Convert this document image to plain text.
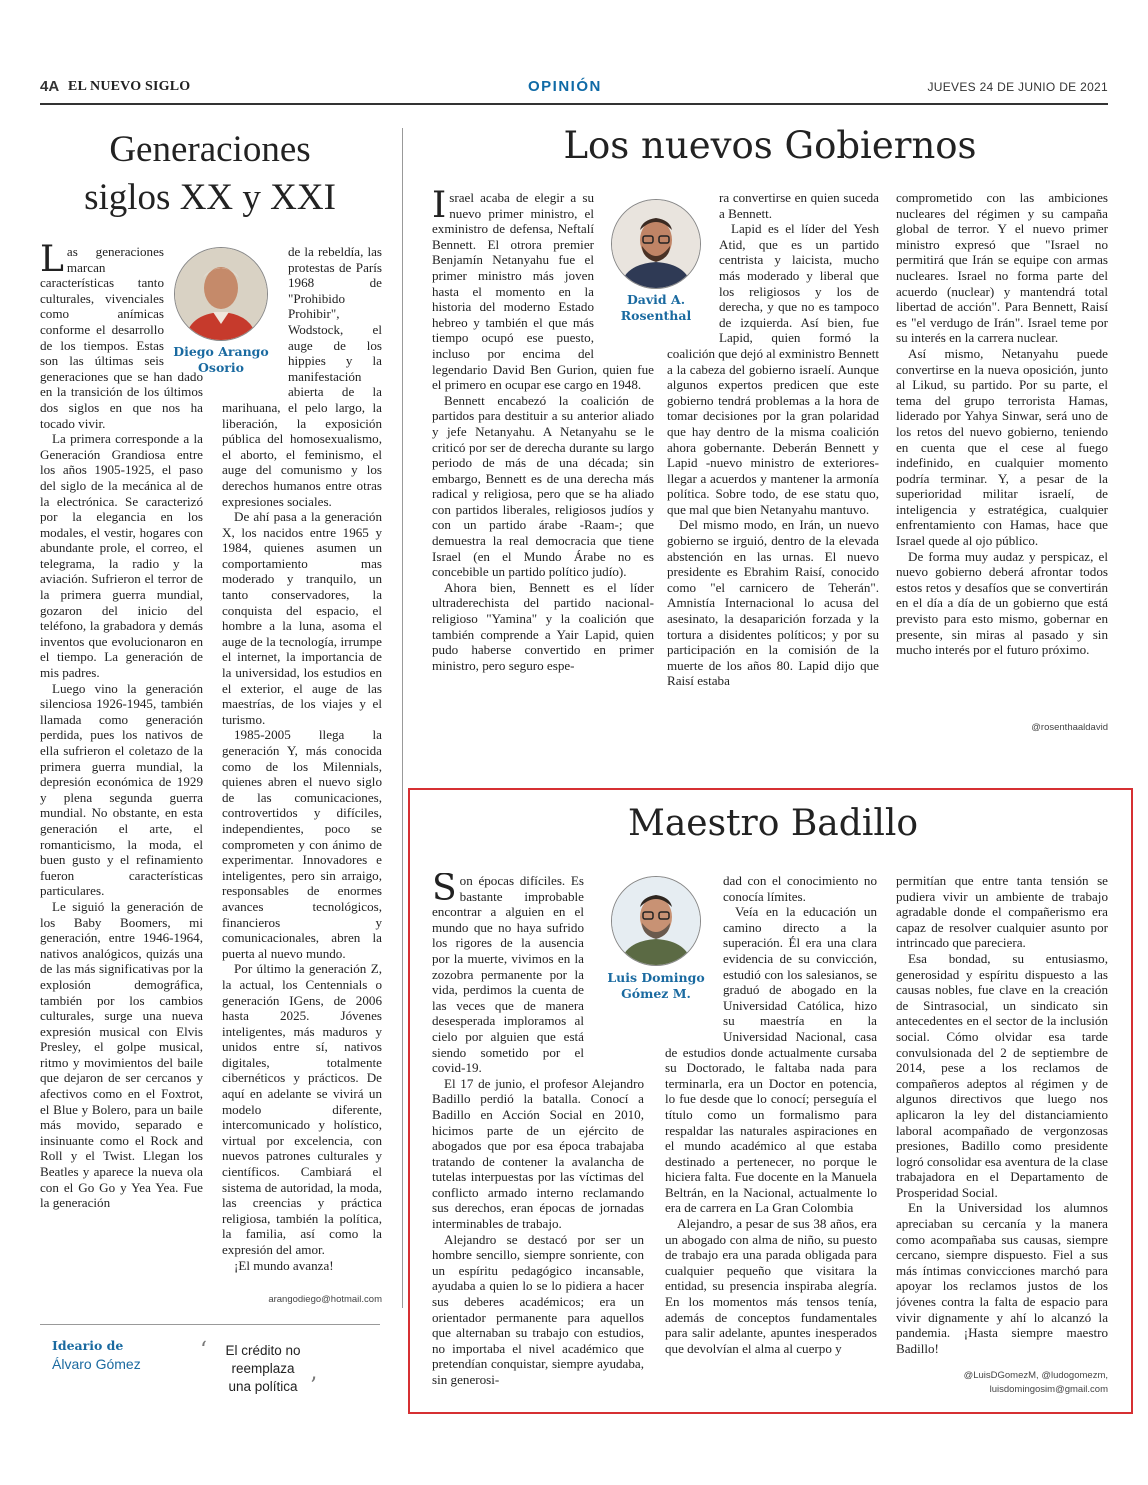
4A EL NUEVO SIGLO	OPINIÓN	JUEVES 24 DE JUNIO DE 2021
Generaciones
siglos XX y XXI
Diego Arango
Osorio

Las generaciones marcan características tanto culturales, vivenciales como anímicas conforme el desarrollo de los tiempos. Estas son las últimas seis generaciones que se han dado en la transición de los últimos dos siglos en que nos ha tocado vivir.

La primera corresponde a la Generación Grandiosa entre los años 1905-1925, el paso del siglo de la mecánica al de la electrónica. Se caracterizó por la elegancia en los modales, el vestir, hogares con abundante prole, el correo, el telegrama, la radio y la aviación. Sufrieron el terror de la primera guerra mundial, gozaron del inicio del teléfono, la grabadora y demás inventos que evolucionaron en el tiempo. La generación de mis padres.

Luego vino la generación silenciosa 1926-1945, también llamada como generación perdida, pues los nativos de ella sufrieron el coletazo de la primera guerra mundial, la depresión económica de 1929 y plena segunda guerra mundial. No obstante, en esta generación el arte, el romanticismo, la moda, el buen gusto y el refinamiento fueron características particulares.

Le siguió la generación de los Baby Boomers, mi generación, entre 1946-1964, nativos analógicos, quizás una de las más significativas por la explosión demográfica, también por los cambios culturales, surge una nueva expresión musical con Elvis Presley, el golpe musical, ritmo y movimientos del baile que dejaron de ser cercanos y afectivos como en el Foxtrot, el Blue y Bolero, para un baile más movido, separado e insinuante como el Rock and Roll y el Twist. Llegan los Beatles y aparece la nueva ola con el Go Go y Yea Yea. Fue la generación

de la rebeldía, las protestas de París 1968 de "Prohibido Prohibir", Wodstock, el auge de los hippies y la manifestación abierta de la marihuana, el pelo largo, la liberación, la exposición pública del homosexualismo, el aborto, el feminismo, el auge del comunismo y los derechos humanos entre otras expresiones sociales.

De ahí pasa a la generación X, los nacidos entre 1965 y 1984, quienes asumen un comportamiento mas moderado y tranquilo, un tanto conservadores, la conquista del espacio, el hombre a la luna, asoma el auge de la tecnología, irrumpe el internet, la importancia de la universidad, los estudios en el exterior, el auge de las maestrías, de los viajes y el turismo.

1985-2005 llega la generación Y, más conocida como de los Milennials, quienes abren el nuevo siglo de las comunicaciones, controvertidos y difíciles, independientes, poco se comprometen y con ánimo de experimentar. Innovadores e inteligentes, pero sin arraigo, responsables de enormes avances tecnológicos, financieros y comunicacionales, abren la puerta al nuevo mundo.

Por último la generación Z, la actual, los Centennials o generación IGens, de 2006 hasta 2025. Jóvenes inteligentes, más maduros y unidos entre sí, nativos digitales, totalmente cibernéticos y prácticos. De aquí en adelante se vivirá un modelo diferente, intercomunicado y holístico, virtual por excelencia, con nuevos patrones culturales y científicos. Cambiará el sistema de autoridad, la moda, las creencias y práctica religiosa, también la política, la familia, así como la expresión del amor.

¡El mundo avanza!

arangodiego@hotmail.com
Ideario de
Álvaro Gómez
‘ El crédito no reemplaza una política ’
Los nuevos Gobiernos
David A.
Rosenthal

Israel acaba de elegir a su nuevo primer ministro, el exministro de defensa, Neftalí Bennett. El otrora premier Benjamín Netanyahu fue el primer ministro más joven hasta el momento en la historia del moderno Estado hebreo y también el que más tiempo ocupó ese puesto, incluso por encima del legendario David Ben Gurion, quien fue el primero en ocupar ese cargo en 1948.

Bennett encabezó la coalición de partidos para destituir a su anterior aliado y jefe Netanyahu. A Netanyahu se le criticó por ser de derecha durante su largo periodo de más de una década; sin embargo, Bennett es de una derecha más radical y religiosa, pero que se ha aliado con partidos liberales, religiosos judíos y con un partido árabe -Raam-; que demuestra la real democracia que tiene Israel (en el Mundo Árabe no es concebible un partido político judío).

Ahora bien, Bennett es el líder ultraderechista del partido nacional-religioso "Yamina" y la coalición que también comprende a Yair Lapid, quien pudo haberse convertido en primer ministro, pero seguro espe-

ra convertirse en quien suceda a Bennett.

Lapid es el líder del Yesh Atid, que es un partido centrista y laicista, mucho más moderado y liberal que los religiosos y los de derecha, y que no es tampoco de izquierda. Así bien, fue Lapid, quien formó la coalición que dejó al exministro Bennett a la cabeza del gobierno israelí. Aunque algunos expertos predicen que este gobierno tendrá problemas a la hora de tomar decisiones por la gran polaridad que hay dentro de la misma coalición ahora gobernante. Deberán Bennett y Lapid -nuevo ministro de exteriores- llegar a acuerdos y mantener la armonía política. Sobre todo, de ese statu quo, que mal que bien Netanyahu mantuvo.

Del mismo modo, en Irán, un nuevo gobierno se irguió, dentro de la elevada abstención en las urnas. El nuevo presidente es Ebrahim Raisí, conocido como "el carnicero de Teherán". Amnistía Internacional lo acusa del asesinato, la desaparición forzada y la tortura a disidentes políticos; y por su participación en la comisión de la muerte de los años 80. Lapid dijo que Raisí estaba

comprometido con las ambiciones nucleares del régimen y su campaña global de terror. Y el nuevo primer ministro expresó que "Israel no permitirá que Irán se equipe con armas nucleares. Israel no forma parte del acuerdo (nuclear) y mantendrá total libertad de acción". Para Bennett, Raisí es "el verdugo de Irán". Israel teme por su interés en la carrera nuclear.

Así mismo, Netanyahu puede convertirse en la nueva oposición, junto al Likud, su partido. Por su parte, el tema del grupo terrorista Hamas, liderado por Yahya Sinwar, será uno de los retos del nuevo gobierno, teniendo en cuenta que el cese al fuego indefinido, en cualquier momento podría terminar. Y, a pesar de la superioridad militar israelí, de inteligencia y estratégica, cualquier enfrentamiento con Hamas, hace que Israel quede al ojo público.

De forma muy audaz y perspicaz, el nuevo gobierno deberá afrontar todos estos retos y desafíos que se convertirán en el día a día de un gobierno que está previsto para esto mismo, gobernar en presente, sin miras al pasado y sin mucho interés por el futuro próximo.

@rosenthaaldavid
Maestro Badillo
Luis Domingo
Gómez M.

Son épocas difíciles. Es bastante improbable encontrar a alguien en el mundo que no haya sufrido los rigores de la ausencia por la muerte, vivimos en la zozobra permanente por la vida, perdimos la cuenta de las veces que de manera desesperada imploramos al cielo por alguien que está siendo sometido por el covid-19.

El 17 de junio, el profesor Alejandro Badillo perdió la batalla. Conocí a Badillo en Acción Social en 2010, hicimos parte de un ejército de abogados que por esa época trabajaba tratando de contener la avalancha de tutelas interpuestas por las víctimas del conflicto armado interno reclamando sus derechos, eran épocas de jornadas interminables de trabajo.

Alejandro se destacó por ser un hombre sencillo, siempre sonriente, con un espíritu pedagógico incansable, ayudaba a quien lo se lo pidiera a hacer sus deberes académicos; era un orientador permanente para aquellos que alternaban su trabajo con estudios, no importaba el nivel académico que pretendían conquistar, siempre ayudaba, sin generosi-

dad con el conocimiento no conocía límites.

Veía en la educación un camino directo a la superación. Él era una clara evidencia de su convicción, estudió con los salesianos, se graduó de abogado en la Universidad Católica, hizo su maestría en la Universidad Nacional, casa de estudios donde actualmente cursaba su Doctorado, le faltaba nada para terminarla, era un Doctor en potencia, lo fue desde que lo conocí; perseguía el título como un formalismo para respaldar las naturales aspiraciones en el mundo académico al que estaba destinado a pertenecer, no porque le hiciera falta. Fue docente en la Manuela Beltrán, en la Nacional, actualmente lo era de carrera en La Gran Colombia

Alejandro, a pesar de sus 38 años, era un abogado con alma de niño, su puesto de trabajo era una parada obligada para cualquier pequeño que visitara la entidad, su presencia inspiraba alegría. En los momentos más tensos tenía, además de conceptos fundamentales para salir adelante, apuntes inesperados que devolvían el alma al cuerpo y

permitían que entre tanta tensión se pudiera vivir un ambiente de trabajo agradable donde el compañerismo era capaz de resolver cualquier asunto por intrincado que pareciera.

Esa bondad, su entusiasmo, generosidad y espíritu dispuesto a las causas nobles, fue clave en la creación de Sintrasocial, un sindicato sin antecedentes en el sector de la inclusión social. Cómo olvidar esa tarde convulsionada del 2 de septiembre de 2014, pese a los reclamos de compañeros adeptos al régimen y de algunos directivos que luego nos aplicaron la ley del distanciamiento laboral acompañado de vergonzosas presiones, Badillo como presidente logró consolidar esa aventura de la clase trabajadora en el Departamento de Prosperidad Social.

En la Universidad los alumnos apreciaban su cercanía y la manera como acompañaba sus causas, siempre cercano, siempre dispuesto. Fiel a sus más íntimas convicciones marchó para apoyar los reclamos justos de los jóvenes contra la falta de espacio para vivir dignamente y ahí lo alcanzó la pandemia. ¡Hasta siempre maestro Badillo!

@LuisDGomezM, @ludogomezm,
luisdomingosim@gmail.com
